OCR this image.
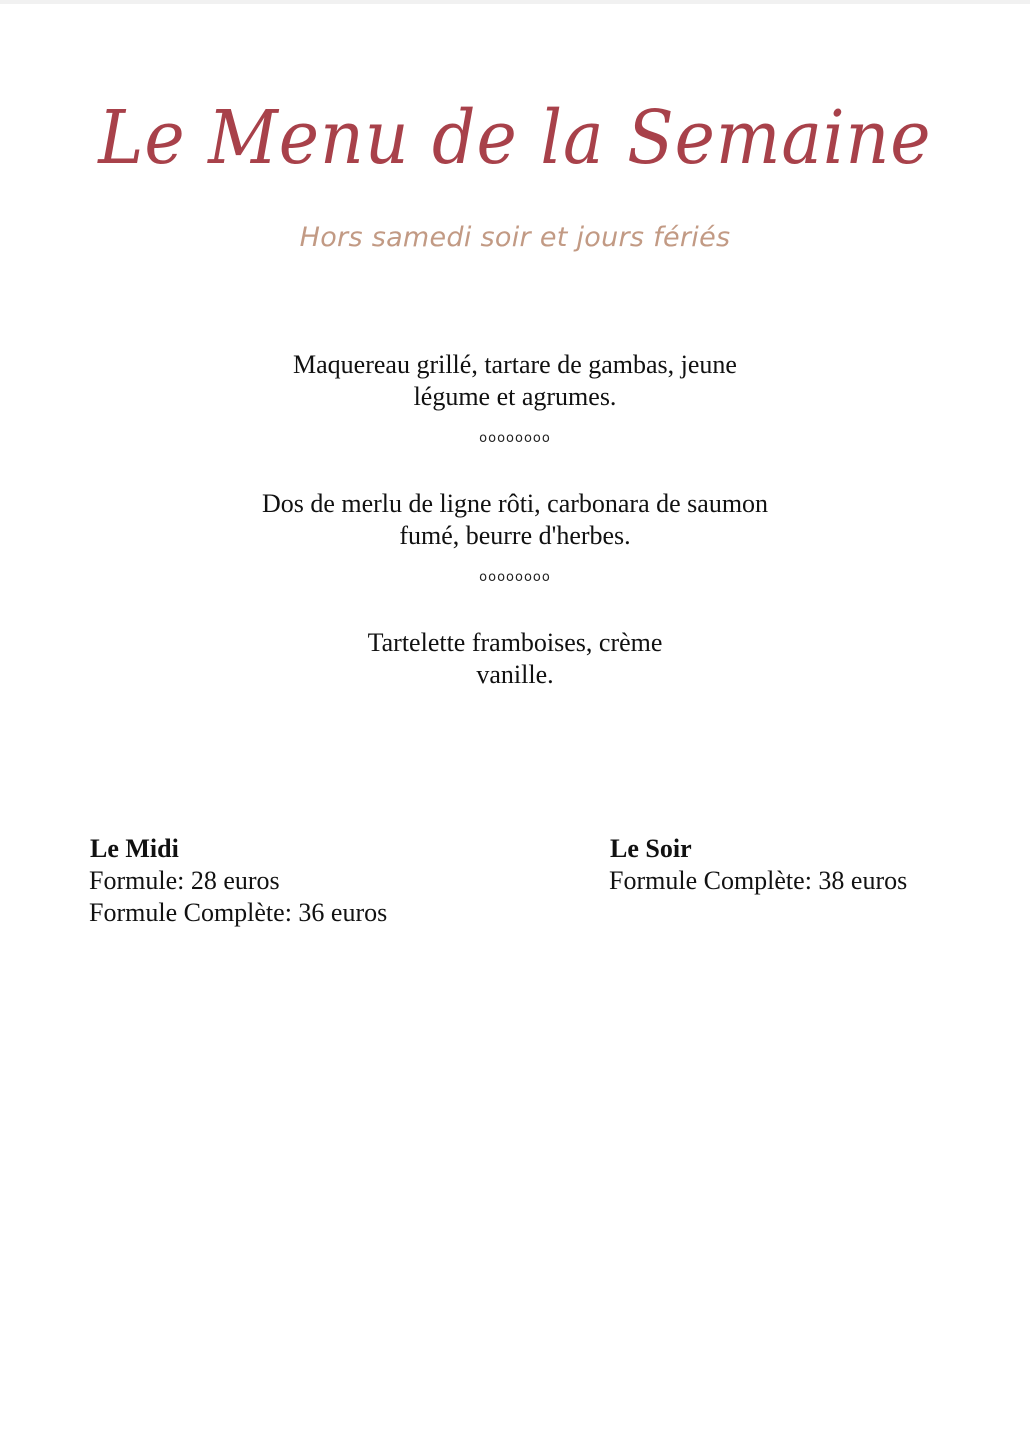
Le Menu de la Semaine
Hors samedi soir et jours fériés
Maquereau grillé, tartare de gambas, jeune
légume et agrumes.
oooooooo
Dos de merlu de ligne rôti, carbonara de saumon
fumé, beurre d'herbes.
oooooooo
Tartelette framboises, crème
vanille.
Le Midi
Formule: 28 euros
Formule Complète: 36 euros
Le Soir
Formule Complète: 38 euros
